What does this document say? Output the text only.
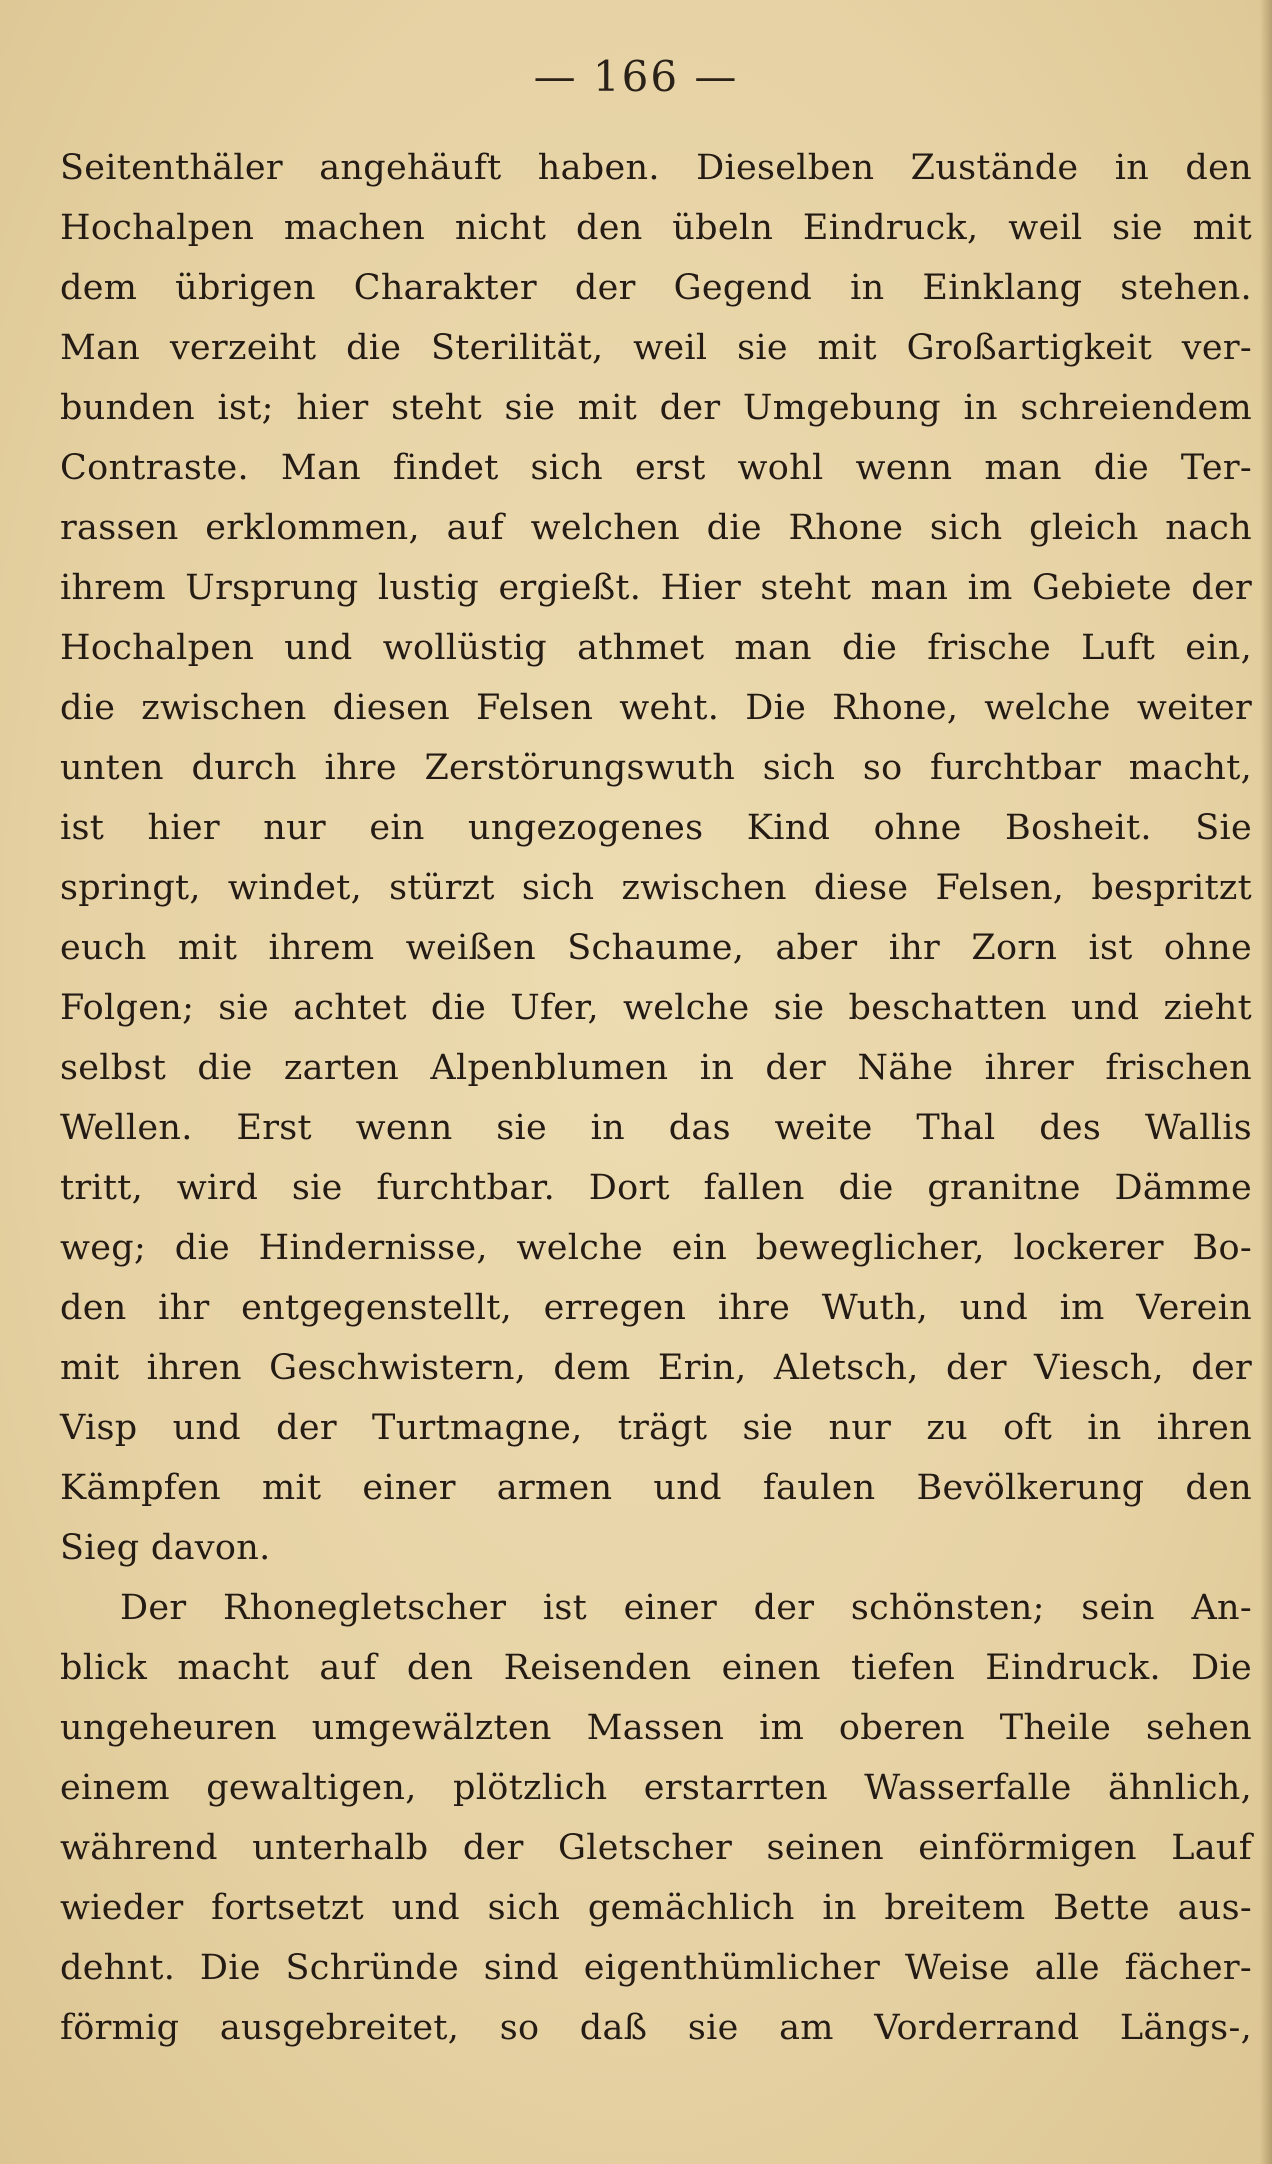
— 166 —
Seitenthäler angehäuft haben. Dieselben Zustände in den
Hochalpen machen nicht den übeln Eindruck, weil sie mit
dem übrigen Charakter der Gegend in Einklang stehen.
Man verzeiht die Sterilität, weil sie mit Großartigkeit ver-
bunden ist; hier steht sie mit der Umgebung in schreiendem
Contraste. Man findet sich erst wohl wenn man die Ter-
rassen erklommen, auf welchen die Rhone sich gleich nach
ihrem Ursprung lustig ergießt. Hier steht man im Gebiete der
Hochalpen und wollüstig athmet man die frische Luft ein,
die zwischen diesen Felsen weht. Die Rhone, welche weiter
unten durch ihre Zerstörungswuth sich so furchtbar macht,
ist hier nur ein ungezogenes Kind ohne Bosheit. Sie
springt, windet, stürzt sich zwischen diese Felsen, bespritzt
euch mit ihrem weißen Schaume, aber ihr Zorn ist ohne
Folgen; sie achtet die Ufer, welche sie beschatten und zieht
selbst die zarten Alpenblumen in der Nähe ihrer frischen
Wellen. Erst wenn sie in das weite Thal des Wallis
tritt, wird sie furchtbar. Dort fallen die granitne Dämme
weg; die Hindernisse, welche ein beweglicher, lockerer Bo-
den ihr entgegenstellt, erregen ihre Wuth, und im Verein
mit ihren Geschwistern, dem Erin, Aletsch, der Viesch, der
Visp und der Turtmagne, trägt sie nur zu oft in ihren
Kämpfen mit einer armen und faulen Bevölkerung den
Sieg davon.
Der Rhonegletscher ist einer der schönsten; sein An-
blick macht auf den Reisenden einen tiefen Eindruck. Die
ungeheuren umgewälzten Massen im oberen Theile sehen
einem gewaltigen, plötzlich erstarrten Wasserfalle ähnlich,
während unterhalb der Gletscher seinen einförmigen Lauf
wieder fortsetzt und sich gemächlich in breitem Bette aus-
dehnt. Die Schründe sind eigenthümlicher Weise alle fächer-
förmig ausgebreitet, so daß sie am Vorderrand Längs-,
